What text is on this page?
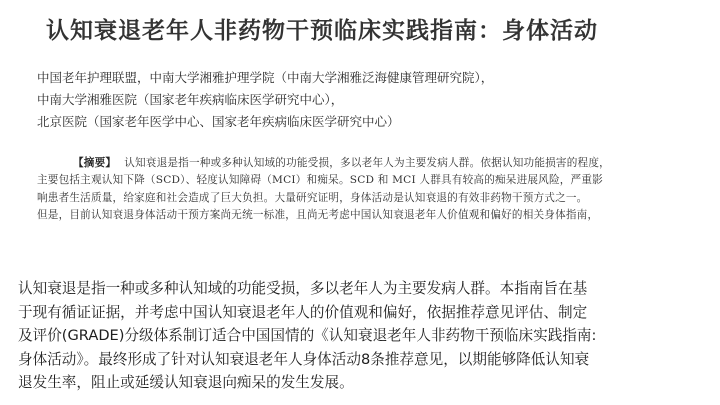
认知衰退老年人非药物干预临床实践指南：身体活动
中国老年护理联盟，中南大学湘雅护理学院（中南大学湘雅泛海健康管理研究院），
中南大学湘雅医院（国家老年疾病临床医学研究中心），
北京医院（国家老年医学中心、国家老年疾病临床医学研究中心）
【摘要】 认知衰退是指一种或多种认知域的功能受损，多以老年人为主要发病人群。依据认知功能损害的程度，
主要包括主观认知下降（SCD）、轻度认知障碍（MCI）和痴呆。SCD 和 MCI 人群具有较高的痴呆进展风险，严重影
响患者生活质量，给家庭和社会造成了巨大负担。大量研究证明，身体活动是认知衰退的有效非药物干预方式之一。
但是，目前认知衰退身体活动干预方案尚无统一标准，且尚无考虑中国认知衰退老年人价值观和偏好的相关身体指南，
认知衰退是指一种或多种认知域的功能受损，多以老年人为主要发病人群。本指南旨在基
于现有循证证据，并考虑中国认知衰退老年人的价值观和偏好，依据推荐意见评估、制定
及评价(GRADE)分级体系制订适合中国国情的《认知衰退老年人非药物干预临床实践指南:
身体活动》。最终形成了针对认知衰退老年人身体活动8条推荐意见，以期能够降低认知衰
退发生率，阻止或延缓认知衰退向痴呆的发生发展。
